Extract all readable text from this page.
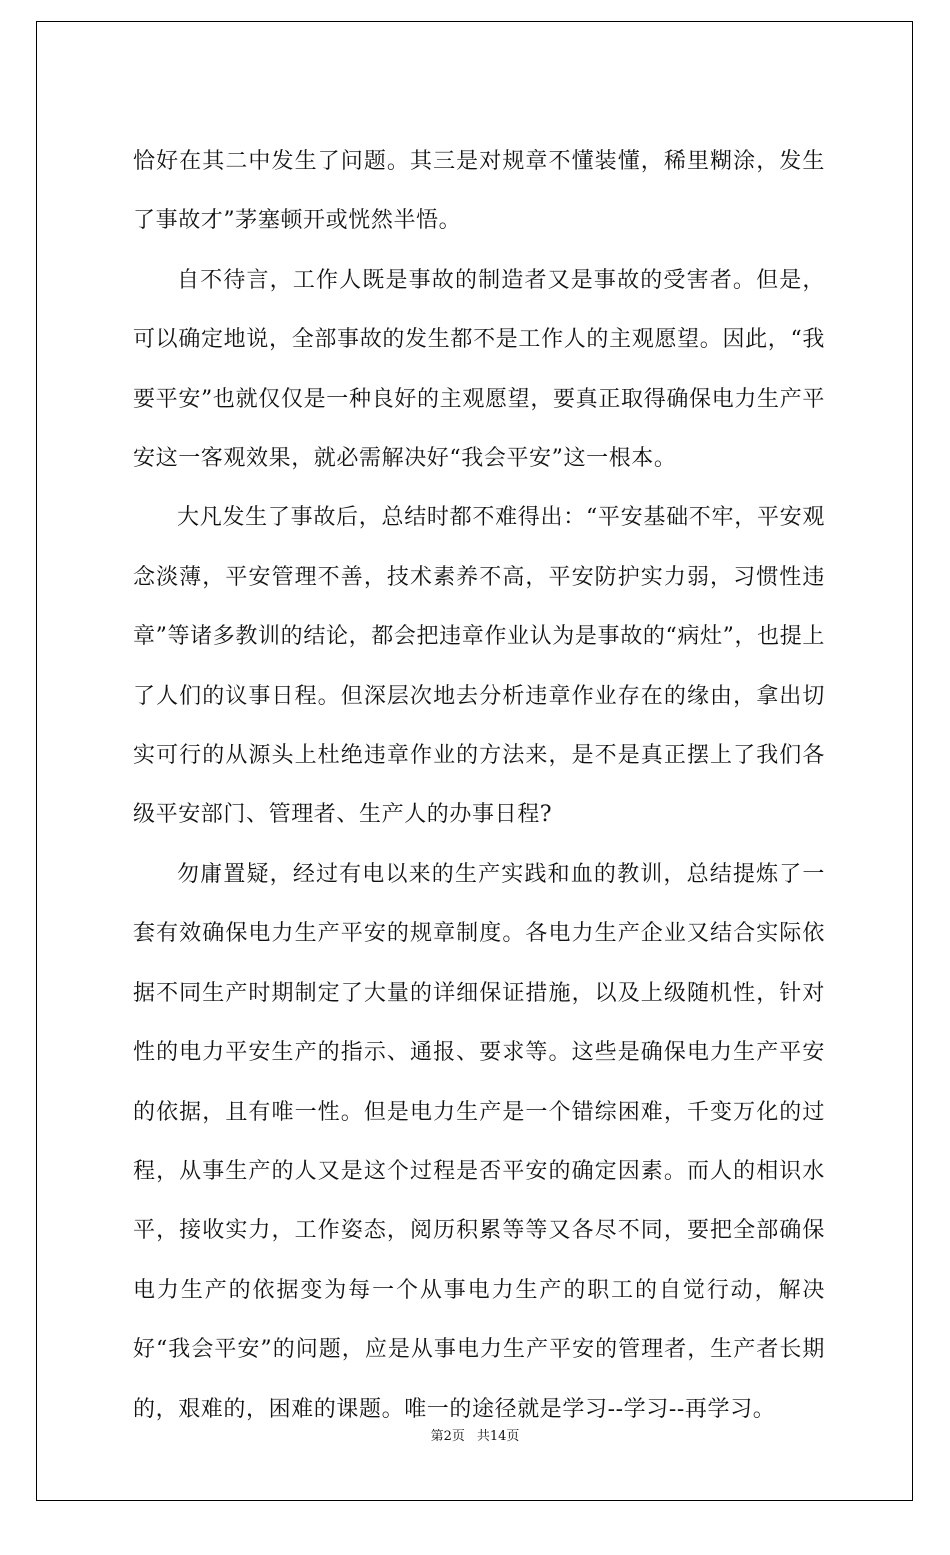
恰好在其二中发生了问题。其三是对规章不懂装懂，稀里糊涂，发生了事故才”茅塞顿开或恍然半悟。

自不待言，工作人既是事故的制造者又是事故的受害者。但是，可以确定地说，全部事故的发生都不是工作人的主观愿望。因此，“我要平安”也就仅仅是一种良好的主观愿望，要真正取得确保电力生产平安这一客观效果，就必需解决好“我会平安”这一根本。

大凡发生了事故后，总结时都不难得出：“平安基础不牢，平安观念淡薄，平安管理不善，技术素养不高，平安防护实力弱，习惯性违章”等诸多教训的结论，都会把违章作业认为是事故的“病灶”，也提上了人们的议事日程。但深层次地去分析违章作业存在的缘由，拿出切实可行的从源头上杜绝违章作业的方法来，是不是真正摆上了我们各级平安部门、管理者、生产人的办事日程?

勿庸置疑，经过有电以来的生产实践和血的教训，总结提炼了一套有效确保电力生产平安的规章制度。各电力生产企业又结合实际依据不同生产时期制定了大量的详细保证措施，以及上级随机性，针对性的电力平安生产的指示、通报、要求等。这些是确保电力生产平安的依据，且有唯一性。但是电力生产是一个错综困难，千变万化的过程，从事生产的人又是这个过程是否平安的确定因素。而人的相识水平，接收实力，工作姿态，阅历积累等等又各尽不同，要把全部确保电力生产的依据变为每一个从事电力生产的职工的自觉行动，解决好“我会平安”的问题，应是从事电力生产平安的管理者，生产者长期的，艰难的，困难的课题。唯一的途径就是学习--学习--再学习。

第2页 共14页
